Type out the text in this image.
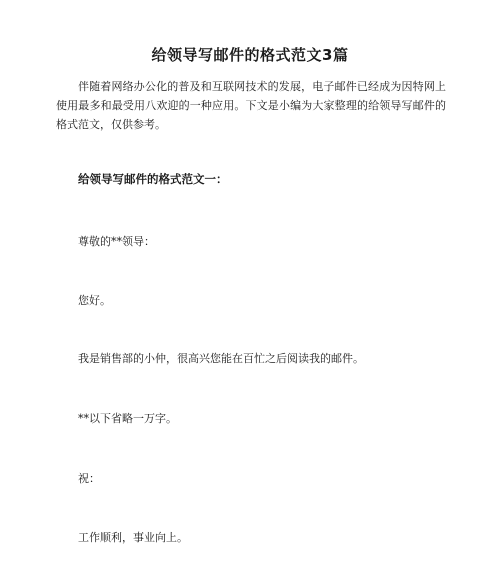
给领导写邮件的格式范文3篇
伴随着网络办公化的普及和互联网技术的发展，电子邮件已经成为因特网上使用最多和最受用八欢迎的一种应用。下文是小编为大家整理的给领导写邮件的格式范文，仅供参考。
给领导写邮件的格式范文一：
尊敬的**领导：
您好。
我是销售部的小仲，很高兴您能在百忙之后阅读我的邮件。
**以下省略一万字。
祝：
工作顺利，事业向上。
